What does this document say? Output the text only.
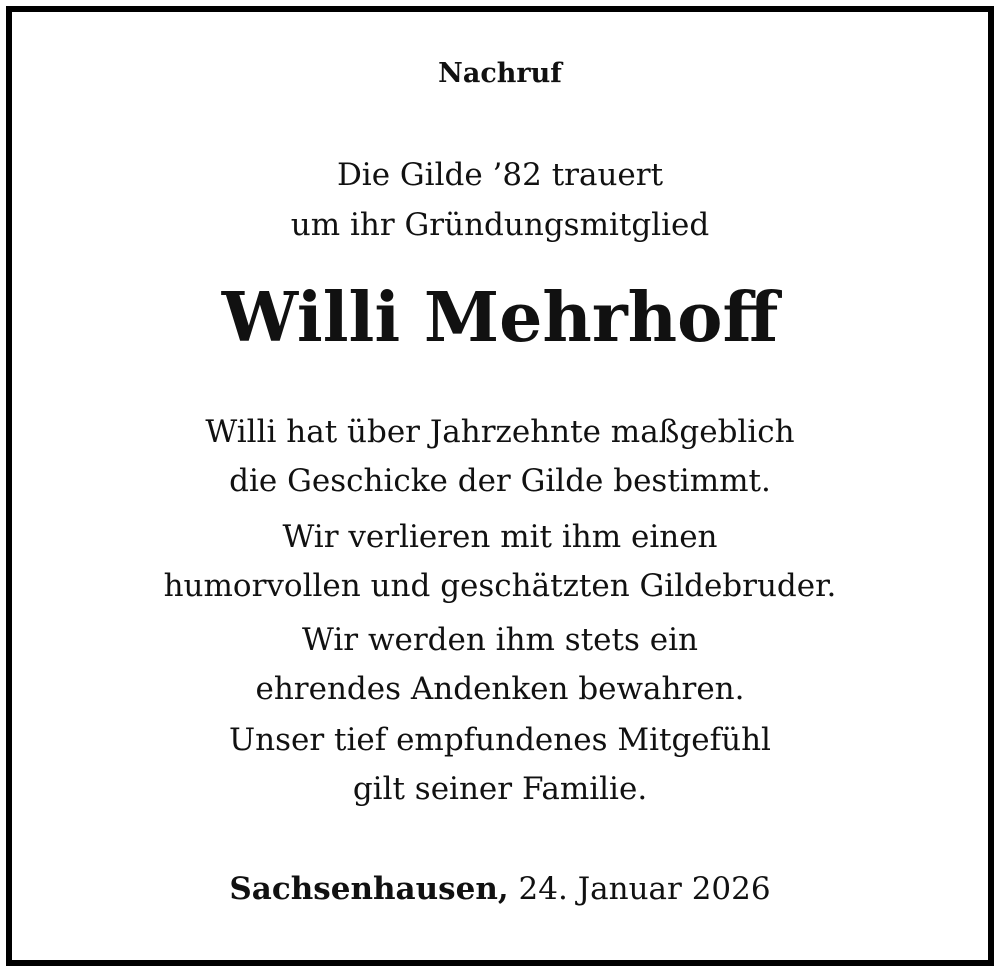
Nachruf
Die Gilde ’82 trauert
um ihr Gründungsmitglied
Willi Mehrhoff
Willi hat über Jahrzehnte maßgeblich
die Geschicke der Gilde bestimmt.
Wir verlieren mit ihm einen
humorvollen und geschätzten Gildebruder.
Wir werden ihm stets ein
ehrendes Andenken bewahren.
Unser tief empfundenes Mitgefühl
gilt seiner Familie.
Sachsenhausen, 24. Januar 2026
